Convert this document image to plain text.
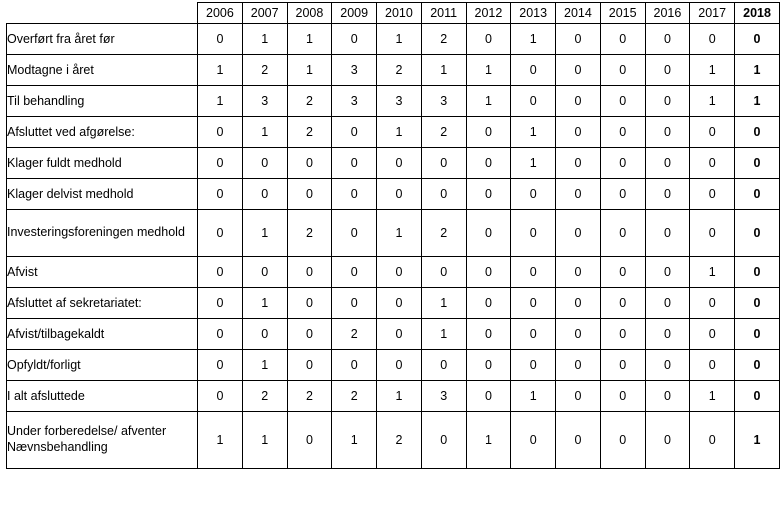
	2006	2007	2008	2009	2010	2011	2012	2013	2014	2015	2016	2017	2018
Overført fra året før	0	1	1	0	1	2	0	1	0	0	0	0	0
Modtagne i året	1	2	1	3	2	1	1	0	0	0	0	1	1
Til behandling	1	3	2	3	3	3	1	0	0	0	0	1	1
Afsluttet ved afgørelse:	0	1	2	0	1	2	0	1	0	0	0	0	0
Klager fuldt medhold	0	0	0	0	0	0	0	1	0	0	0	0	0
Klager delvist medhold	0	0	0	0	0	0	0	0	0	0	0	0	0
Investeringsforeningen medhold	0	1	2	0	1	2	0	0	0	0	0	0	0
Afvist	0	0	0	0	0	0	0	0	0	0	0	1	0
Afsluttet af sekretariatet:	0	1	0	0	0	1	0	0	0	0	0	0	0
Afvist/tilbagekaldt	0	0	0	2	0	1	0	0	0	0	0	0	0
Opfyldt/forligt	0	1	0	0	0	0	0	0	0	0	0	0	0
I alt afsluttede	0	2	2	2	1	3	0	1	0	0	0	1	0
Under forberedelse/ afventer Nævnsbehandling	1	1	0	1	2	0	1	0	0	0	0	0	1
